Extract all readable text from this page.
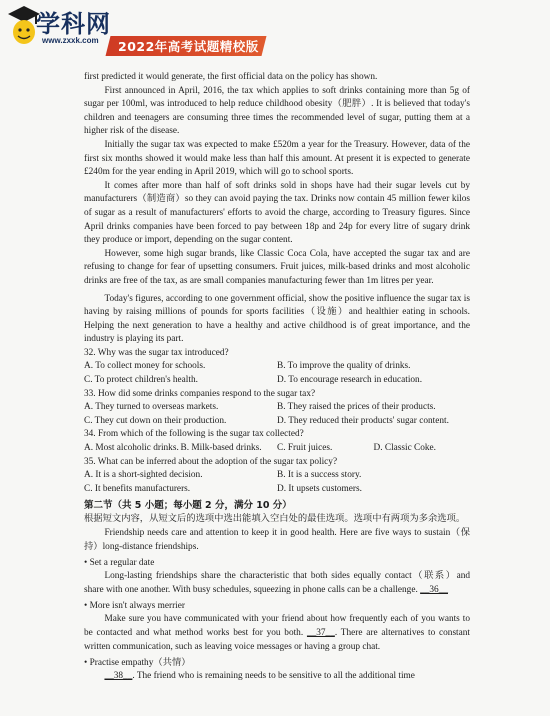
学科网
www.zxxk.com 2022年高考试题精校版

first predicted it would generate, the first official data on the policy has shown.

First announced in April, 2016, the tax which applies to soft drinks containing more than 5g of sugar per 100ml, was introduced to help reduce childhood obesity（肥胖）. It is believed that today's children and teenagers are consuming three times the recommended level of sugar, putting them at a higher risk of the disease.

Initially the sugar tax was expected to make £520m a year for the Treasury. However, data of the first six months showed it would make less than half this amount. At present it is expected to generate £240m for the year ending in April 2019, which will go to school sports.

It comes after more than half of soft drinks sold in shops have had their sugar levels cut by manufacturers（制造商）so they can avoid paying the tax. Drinks now contain 45 million fewer kilos of sugar as a result of manufacturers' efforts to avoid the charge, according to Treasury figures. Since April drinks companies have been forced to pay between 18p and 24p for every litre of sugary drink they produce or import, depending on the sugar content.

However, some high sugar brands, like Classic Coca Cola, have accepted the sugar tax and are refusing to change for fear of upsetting consumers. Fruit juices, milk-based drinks and most alcoholic drinks are free of the tax, as are small companies manufacturing fewer than 1m litres per year.

Today's figures, according to one government official, show the positive influence the sugar tax is having by raising millions of pounds for sports facilities（设施）and healthier eating in schools. Helping the next generation to have a healthy and active childhood is of great importance, and the industry is playing its part.

32. Why was the sugar tax introduced?

A. To collect money for schools.	B. To improve the quality of drinks.
C. To protect children's health.	D. To encourage research in education.

33. How did some drinks companies respond to the sugar tax?

A. They turned to overseas markets.	B. They raised the prices of their products.
C. They cut down on their production.	D. They reduced their products' sugar content.

34. From which of the following is the sugar tax collected?

A. Most alcoholic drinks. B. Milk-based drinks.	C. Fruit juices.	D. Classic Coke.

35. What can be inferred about the adoption of the sugar tax policy?

A. It is a short-sighted decision.	B. It is a success story.
C. It benefits manufacturers.	D. It upsets customers.
第二节（共 5 小题；每小题 2 分，满分 10 分）
根据短文内容，从短文后的选项中选出能填入空白处的最佳选项。选项中有两项为多余选项。

Friendship needs care and attention to keep it in good health. Here are five ways to sustain（保持）long-distance friendships.

• Set a regular date

Long-lasting friendships share the characteristic that both sides equally contact（联系）and share with one another. With busy schedules, squeezing in phone calls can be a challenge. __36__

• More isn't always merrier

Make sure you have communicated with your friend about how frequently each of you wants to be contacted and what method works best for you both. __37__. There are alternatives to constant written communication, such as leaving voice messages or having a group chat.

• Practise empathy（共情）

__38__. The friend who is remaining needs to be sensitive to all the additional time
